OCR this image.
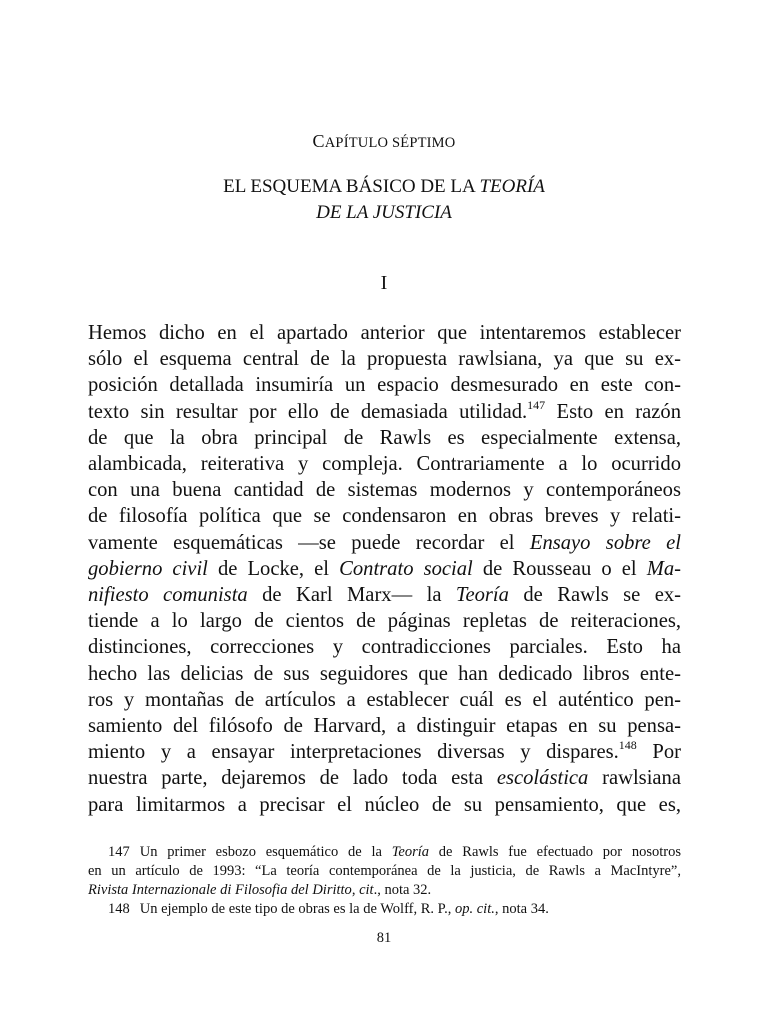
CAPÍTULO SÉPTIMO
EL ESQUEMA BÁSICO DE LA TEORÍA
DE LA JUSTICIA
I
Hemos dicho en el apartado anterior que intentaremos establecer
sólo el esquema central de la propuesta rawlsiana, ya que su ex-
posición detallada insumiría un espacio desmesurado en este con-
texto sin resultar por ello de demasiada utilidad.$^{147}$ Esto en razón
de que la obra principal de Rawls es especialmente extensa,
alambicada, reiterativa y compleja. Contrariamente a lo ocurrido
con una buena cantidad de sistemas modernos y contemporáneos
de filosofía política que se condensaron en obras breves y relati-
vamente esquemáticas —se puede recordar el Ensayo sobre el
gobierno civil de Locke, el Contrato social de Rousseau o el Ma-
nifiesto comunista de Karl Marx— la Teoría de Rawls se ex-
tiende a lo largo de cientos de páginas repletas de reiteraciones,
distinciones, correcciones y contradicciones parciales. Esto ha
hecho las delicias de sus seguidores que han dedicado libros ente-
ros y montañas de artículos a establecer cuál es el auténtico pen-
samiento del filósofo de Harvard, a distinguir etapas en su pensa-
miento y a ensayar interpretaciones diversas y dispares.$^{148}$ Por
nuestra parte, dejaremos de lado toda esta escolástica rawlsiana
para limitarmos a precisar el núcleo de su pensamiento, que es,
147 Un primer esbozo esquemático de la Teoría de Rawls fue efectuado por nosotros
en un artículo de 1993: “La teoría contemporánea de la justicia, de Rawls a MacIntyre”,
Rivista Internazionale di Filosofia del Diritto, cit., nota 32.
148 Un ejemplo de este tipo de obras es la de Wolff, R. P., op. cit., nota 34.
81
